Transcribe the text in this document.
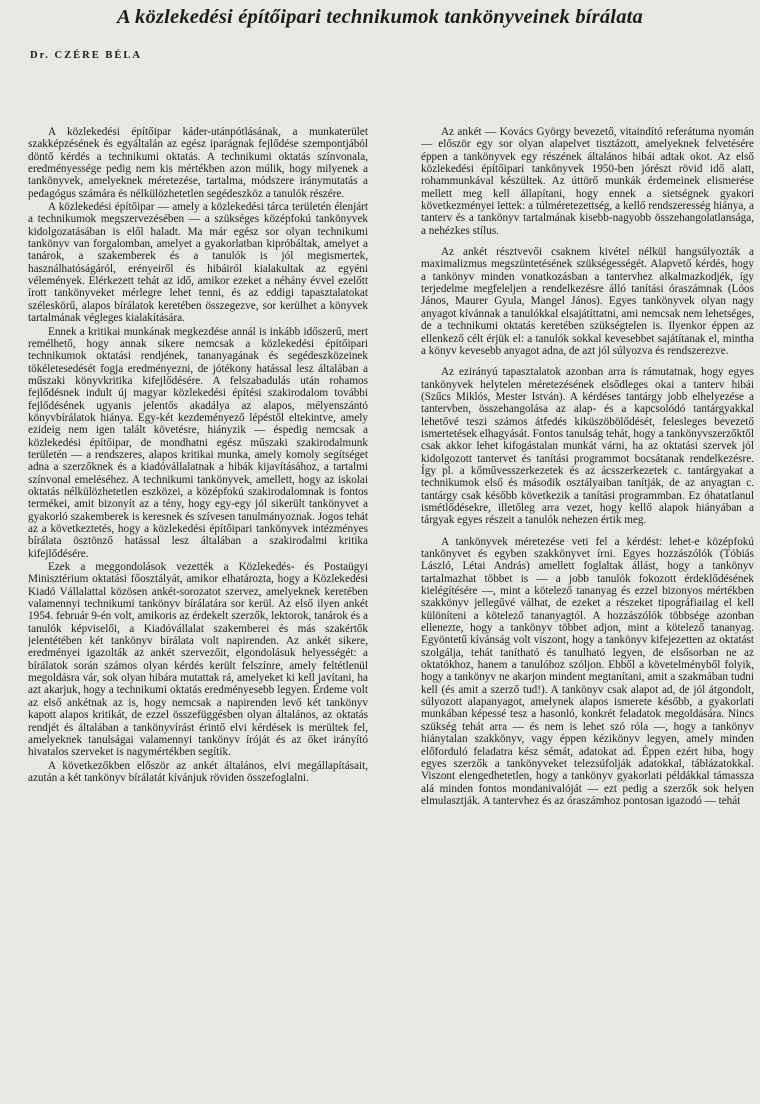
A közlekedési építőipari technikumok tankönyveinek bírálata
Dr. CZÉRE BÉLA

A közlekedési építőipar káder-utánpótlásának, a munkaterület szakképzésének és egyáltalán az egész iparágnak fejlődése szempontjából döntő kérdés a technikumi oktatás. A technikumi oktatás színvonala, eredményessége pedig nem kis mértékben azon múlik, hogy milyenek a tankönyvek, amelyeknek méretezése, tartalma, módszere iránymutatás a pedagógus számára és nélkülözhetetlen segédeszköz a tanulók részére.

A közlekedési építőipar — amely a közlekedési tárca területén élenjárt a technikumok megszervezésében — a szükséges középfokú tankönyvek kidolgozatásában is elől haladt. Ma már egész sor olyan technikumi tankönyv van forgalomban, amelyet a gyakorlatban kipróbáltak, amelyet a tanárok, a szakemberek és a tanulók is jól megismertek, használhatóságáról, erényeiről és hibáiról kialakultak az egyéni vélemények. Elérkezett tehát az idő, amikor ezeket a néhány évvel ezelőtt írott tankönyveket mérlegre lehet tenni, és az eddigi tapasztalatokat széleskörű, alapos bírálatok keretében összegezve, sor kerülhet a könyvek tartalmának végleges kialakítására.

Ennek a kritikai munkának megkezdése annál is inkább időszerű, mert remélhető, hogy annak sikere nemcsak a közlekedési építőipari technikumok oktatási rendjének, tananyagának és segédeszközeinek tökéletesedését fogja eredményezni, de jótékony hatással lesz általában a műszaki könyvkritika kifejlődésére. A felszabadulás után rohamos fejlődésnek indult új magyar közlekedési építési szakirodalom további fejlődésének ugyanis jelentős akadálya az alapos, mélyenszántó könyvbírálatok hiánya. Egy-két kezdeményező lépéstől eltekintve, amely ezideig nem igen talált követésre, hiányzik — éspedig nemcsak a közlekedési építőipar, de mondhatni egész műszaki szakirodalmunk területén — a rendszeres, alapos kritikai munka, amely komoly segítséget adna a szerzőknek és a kiadóvállalatnak a hibák kijavításához, a tartalmi színvonal emeléséhez. A technikumi tankönyvek, amellett, hogy az iskolai oktatás nélkülözhetetlen eszközei, a középfokú szakirodalomnak is fontos termékei, amit bizonyít az a tény, hogy egy-egy jól sikerült tankönyvet a gyakorló szakemberek is keresnek és szívesen tanulmányoznak. Jogos tehát az a következtetés, hogy a közlekedési építőipari tankönyvek intézményes bírálata ösztönző hatással lesz általában a szakirodalmi kritika kifejlődésére.

Ezek a meggondolások vezették a Közlekedés- és Postaügyi Minisztérium oktatási főosztályát, amikor elhatározta, hogy a Közlekedési Kiadó Vállalattal közösen ankét-sorozatot szervez, amelyeknek keretében valamennyi technikumi tankönyv bírálatára sor kerül. Az első ilyen ankét 1954. február 9-én volt, amikoris az érdekelt szerzők, lektorok, tanárok és a tanulók képviselői, a Kiadóvállalat szakemberei és más szakértők jelentétében két tankönyv bírálata volt napirenden. Az ankét sikere, eredményei igazolták az ankét szervezőit, elgondolásuk helyességét: a bírálatok során számos olyan kérdés került felszínre, amely feltétlenül megoldásra vár, sok olyan hibára mutattak rá, amelyeket ki kell javítani, ha azt akarjuk, hogy a technikumi oktatás eredményesebb legyen. Érdeme volt az első ankétnak az is, hogy nemcsak a napirenden levő két tankönyv kapott alapos kritikát, de ezzel összefüggésben olyan általános, az oktatás rendjét és általában a tankönyvírást érintő elvi kérdések is merültek fel, amelyeknek tanulságai valamennyi tankönyv íróját és az őket irányító hivatalos szerveket is nagymértékben segítik.

A következőkben először az ankét általános, elvi megállapításait, azután a két tankönyv bírálatát kívánjuk röviden összefoglalni.

Az ankét — Kovács György bevezető, vitaindító referátuma nyomán — először egy sor olyan alapelvet tisztázott, amelyeknek felvetésére éppen a tankönyvek egy részének általános hibái adtak okot. Az első közlekedési építőipari tankönyvek 1950-ben jórészt rövid idő alatt, rohammunkával készültek. Az úttörő munkák érdemeinek elismerése mellett meg kell állapítani, hogy ennek a sietségnek gyakori következményei lettek: a túlméretezettség, a kellő rendszeresség hiánya, a tanterv és a tankönyv tartalmának kisebb-nagyobb összehangolatlansága, a nehézkes stílus.

Az ankét résztvevői csaknem kivétel nélkül hangsúlyozták a maximalizmus megszüntetésének szükségességét. Alapvető kérdés, hogy a tankönyv minden vonatkozásban a tantervhez alkalmazkodjék, így terjedelme megfeleljen a rendelkezésre álló tanítási óraszámnak (Lóos János, Maurer Gyula, Mangel János). Egyes tankönyvek olyan nagy anyagot kívánnak a tanulókkal elsajátíttatni, ami nemcsak nem lehetséges, de a technikumi oktatás keretében szükségtelen is. Ilyenkor éppen az ellenkező célt érjük el: a tanulók sokkal kevesebbet sajátítanak el, mintha a könyv kevesebb anyagot adna, de azt jól súlyozva és rendszerezve.

Az ezirányú tapasztalatok azonban arra is rámutatnak, hogy egyes tankönyvek helytelen méretezésének elsődleges okai a tanterv hibái (Szűcs Miklós, Mester István). A kérdéses tantárgy jobb elhelyezése a tantervben, összehangolása az alap- és a kapcsolódó tantárgyakkal lehetővé teszi számos átfedés kiküszöbölődését, felesleges bevezető ismertetések elhagyását. Fontos tanulság tehát, hogy a tankönyvszerzőktől csak akkor lehet kifogástalan munkát várni, ha az oktatási szervek jól kidolgozott tantervet és tanítási programmot bocsátanak rendelkezésre. Így pl. a kőművesszerkezetek és az ácsszerkezetek c. tantárgyakat a technikumok első és második osztályaiban tanítják, de az anyagtan c. tantárgy csak később következik a tanítási programmban. Ez óhatatlanul ismétlődésekre, illetőleg arra vezet, hogy kellő alapok hiányában a tárgyak egyes részeit a tanulók nehezen értik meg.

A tankönyvek méretezése veti fel a kérdést: lehet-e középfokú tankönyvet és egyben szakkönyvet írni. Egyes hozzászólók (Tóbiás László, Létai András) amellett foglaltak állást, hogy a tankönyv tartalmazhat többet is — a jobb tanulók fokozott érdeklődésének kielégítésére —, mint a kötelező tananyag és ezzel bizonyos mértékben szakkönyv jellegűvé válhat, de ezeket a részeket tipográfiailag el kell különíteni a kötelező tananyagtól. A hozzászólók többsége azonban ellenezte, hogy a tankönyv többet adjon, mint a kötelező tananyag. Egyöntetű kívánság volt viszont, hogy a tankönyv kifejezetten az oktatást szolgálja, tehát tanítható és tanulható legyen, de elsősorban ne az oktatókhoz, hanem a tanulóhoz szóljon. Ebből a követelményből folyik, hogy a tankönyv ne akarjon mindent megtanítani, amit a szakmában tudni kell (és amit a szerző tud!). A tankönyv csak alapot ad, de jól átgondolt, súlyozott alapanyagot, amelynek alapos ismerete később, a gyakorlati munkában képessé tesz a hasonló, konkrét feladatok megoldására. Nincs szükség tehát arra — és nem is lehet szó róla —, hogy a tankönyv hiánytalan szakkönyv, vagy éppen kézikönyv legyen, amely minden előforduló feladatra kész sémát, adatokat ad. Éppen ezért hiba, hogy egyes szerzők a tankönyveket telezsúfolják adatokkal, táblázatokkal. Viszont elengedhetetlen, hogy a tankönyv gyakorlati példákkal támassza alá minden fontos mondanivalóját — ezt pedig a szerzők sok helyen elmulasztják. A tantervhez és az óraszámhoz pontosan igazodó — tehát
